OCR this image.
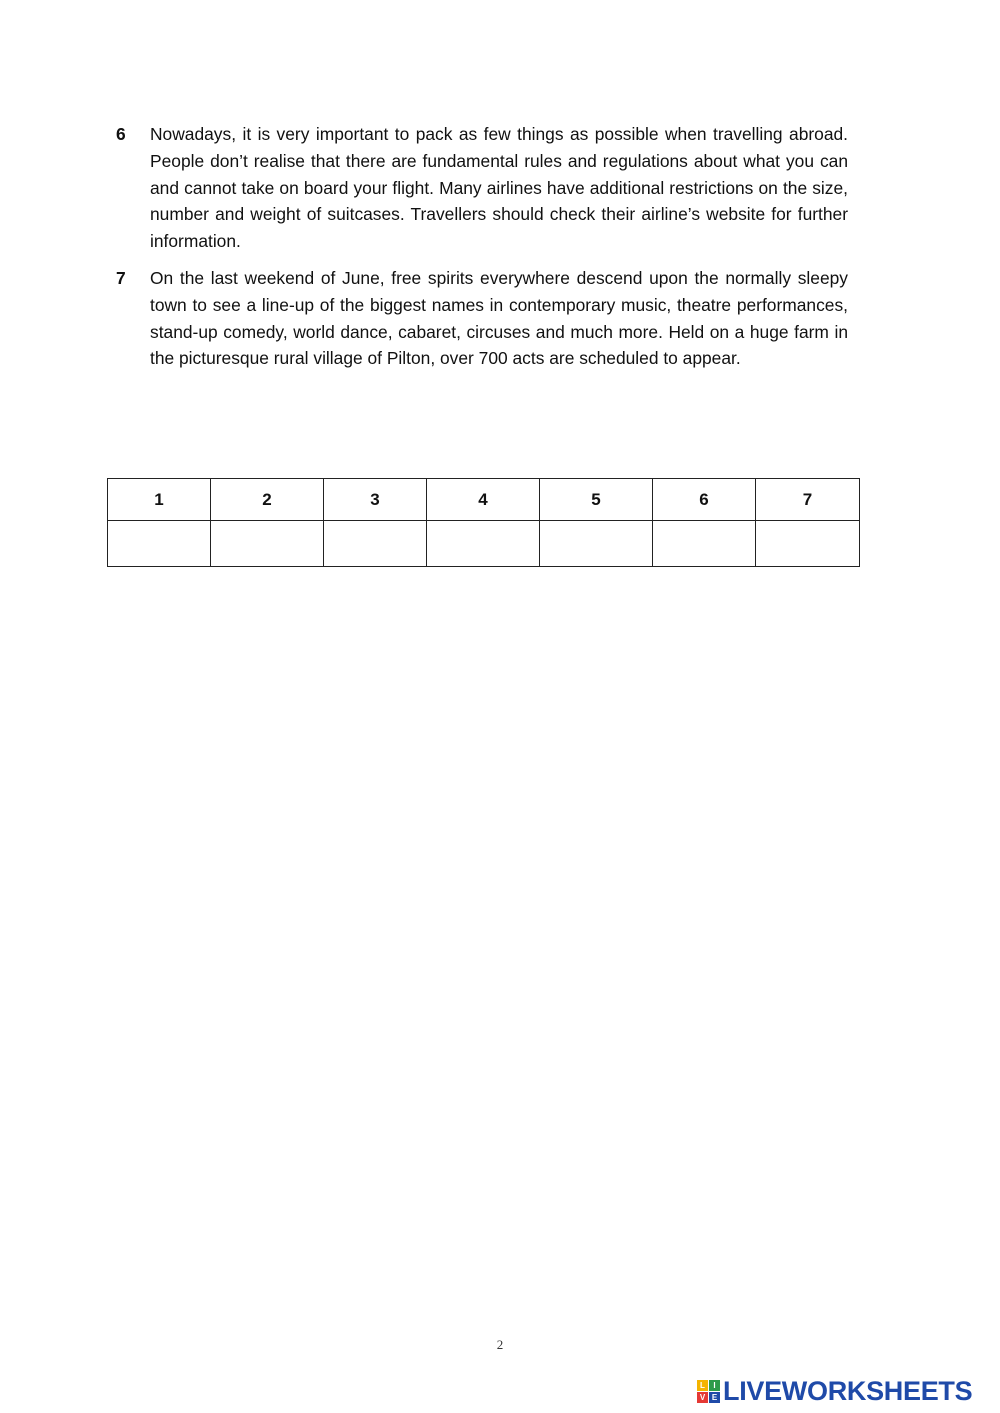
6	Nowadays, it is very important to pack as few things as possible when travelling abroad. People don’t realise that there are fundamental rules and regulations about what you can and cannot take on board your flight. Many airlines have additional restrictions on the size, number and weight of suitcases. Travellers should check their airline’s website for further information.
7	On the last weekend of June, free spirits everywhere descend upon the normally sleepy town to see a line-up of the biggest names in contemporary music, theatre performances, stand-up comedy, world dance, cabaret, circuses and much more. Held on a huge farm in the picturesque rural village of Pilton, over 700 acts are scheduled to appear.
1	2	3	4	5	6	7

2
L	I
V E LIVEWORKSHEETS
